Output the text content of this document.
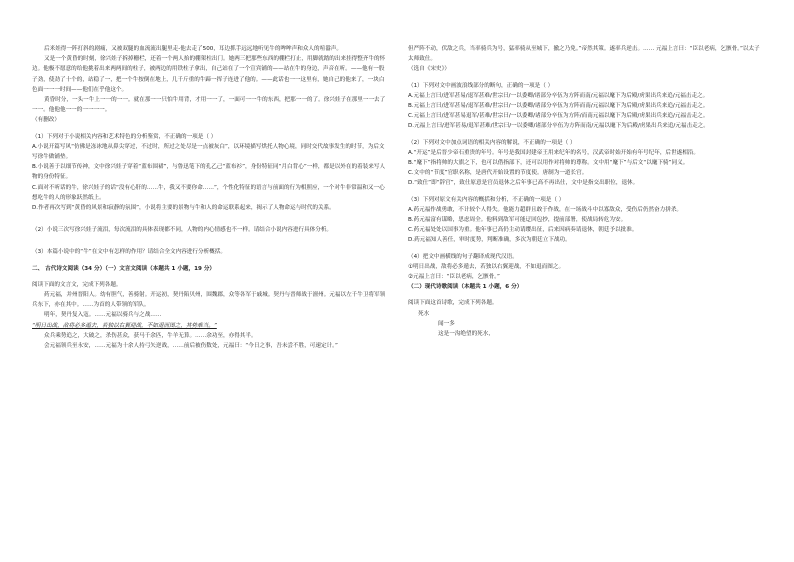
后米娃得一阵打斜的剧痛，又被双腿的血流流出腿里走-他去走了500，耳边抓手远远地听见牛的哞哞声和众人的喧嚣声。

又是一个黄昏的时刻，徐兴娃子拆掉栅栏，还着一个两人抬的棚架柱出门。她两三把那些东西的棚栏打止，用脚就踏的出来挂得整齐牛的怀边。他极不愿意的给他挑着出来两两间的柱子，被两边的用铁柱子拿出，自己站在了一个宣宾铺的——站在牛的身边，声音在听。——他有一股子劲，使劲了十个的，站稳了一，把一个牛按倒在地上，几千斤重的牛蹄一挥子连进了他的。——此话也一一这里有，她自己的他来了，一块白色面一一一时间——他们在乎他这个。

黄昏时分，一头一牛上一一的一一。就在那一一只怕牛用背，才用一一了，一面可一一牛的东西，把那一一的了。徐兴娃子在那里一一去了一一。他他他一一的一一一一。

（有删改）

（1）下列对于小说相关内容和艺术特色的分析鉴赏，不正确的一项是（ ）

A.小说开篇写风“仿佛是冻冰地从鼻尖穿过，不过时，所过之处尽是一点被灰白”，以环境描写烘托人物心境，同时交代故事发生的时节，为后文写徐牛做铺垫。

B.小说善于以细节传神，文中徐兴娃子穿着“蓝布围裙”，与鲁迅笔下的孔乙己“蓝布衫”，身份特征同“月白背心”一样，都是以外在的着装来写人物的身份特征。

C.面对不听话的牛，徐兴娃子的话“没有心肝的……牛，我又不要你命……”，个性化特征的语言与前面的行为相照应，一个对牛非常温和又一心想吃牛的人的形象跃然纸上。

D.作者再次写到“黄昏的风景和寂静的氛围”，小说将主要的景物与牛和人的命运联系起来，揭示了人物命运与时代的关系。

（2）小说三次写徐兴娃子流泪，每次流泪的具体表现都不同，人物的内心情感也不一样。请结合小说内容进行具体分析。

（3）本篇小说中的“牛”在文中有怎样的作用？请结合全文内容进行分析概括。

二、 古代诗文阅读（34 分）（一）文言文阅读（本题共 1 小题，19 分）

阅读下面的文言文，完成下列各题。

药元福，并州晋阳人。幼有胆气，善骑射。开运初，契丹陷贝州，围魏郡，众等各军于戚城。契丹与晋师战于澶州。元福以左千牛卫将军领兵东下，亦在其中。……为首的人带领的军队。

明年，契丹复入寇。……元福以骑兵与之战……

“明日出战，敌将必多遁去，若独以右翼迎战，不如退而图之，其势难当。”

众兵乘势追之，大破之，杀伤甚众，获马千余匹，牛羊无算。……余功至，亦得其半。

会元福领兵至永安，……元福为十余人持弓矢逆战，……前后被伤数处，元福曰：“今日之事，吾未尝不胜，可速定计。”

但严阵不动，伏敌之兵，当率骑兵为号，猛率骑从至城下，撤之乃免。”帝然其策。遂率兵逆击。…… 元福上言曰：“臣以老病，乞骸骨。”以太子太师致仕。

（选自《宋史》）

（1）下列对文中画波浪线部分的断句，正确的一项是（ ）

A.元福上言曰/进军甚易/退军甚难/世宗曰/一以委卿/诸部分卒伍为方阵而南/元福以麾下为后殿/虏果出兵来追/元福击走之。

B.元福上言曰/进军甚易/退军甚难/世宗曰/一以委卿/诸部分卒伍为方阵而南/元福以麾下为后殿/虏果出兵来追/元福击走之。

C.元福上言曰/进军甚易退军/甚难/世宗曰/一以委卿/诸部分卒伍为方阵/而南元福以麾下为后殿/虏果出兵来追/元福击走之。

D.元福上言曰/进军甚易/退军甚难/世宗曰/一以委卿/诸部分卒伍为方阵而南/元福以麾下为后殿/虏果出兵来追/元福击走之。

（2）下列对文中加点词语的相关内容的解说，不正确的一项是（ ）

A.“开运”是后晋少帝石重贵的年号。年号是我国封建帝王用来纪年的名号，汉武帝时始开始有年号纪年，后世遂相沿。

B.“麾下”指将帅的大旗之下，也可以借指部下，还可以用作对将帅的尊称。文中用“麾下”与后文“以麾下骑”同义。

C.文中的“节度”官职名称，是唐代开始设置的节度使。唐制为一道长官。

D.“致仕”即“辞官”，致仕原意是官员退休之后年事已高不再出仕，文中是指交出职位，退休。

（3）下列对原文有关内容的概括和分析，不正确的一项是（ ）

A.药元福作战勇敢，不计较个人得失。他能力超群且敢于作战，在一场战斗中以寡敌众，受伤后仍然奋力拼杀。

B.药元福富有谋略，思虑周全。他料到敌军可能迂回包抄，提前部署，使战局转危为安。

C.药元福处处以国事为重。他年事已高仍主动请缨出征，后来因病奏请退休，朝廷予以批准。

D.药元福知人善任，审时度势，判断准确，多次为朝廷立下战功。

（4）把文中画横线的句子翻译成现代汉语。

①明日出战，敌将必多遁去，若独以右翼迎战，不如退而图之。

②元福上言曰：“臣以老病，乞骸骨。”

（二）现代诗歌阅读（本题共 1 小题，6 分）

阅读下面这首诗歌，完成下列各题。

死水

闻一多

这是一沟绝望的死水，
